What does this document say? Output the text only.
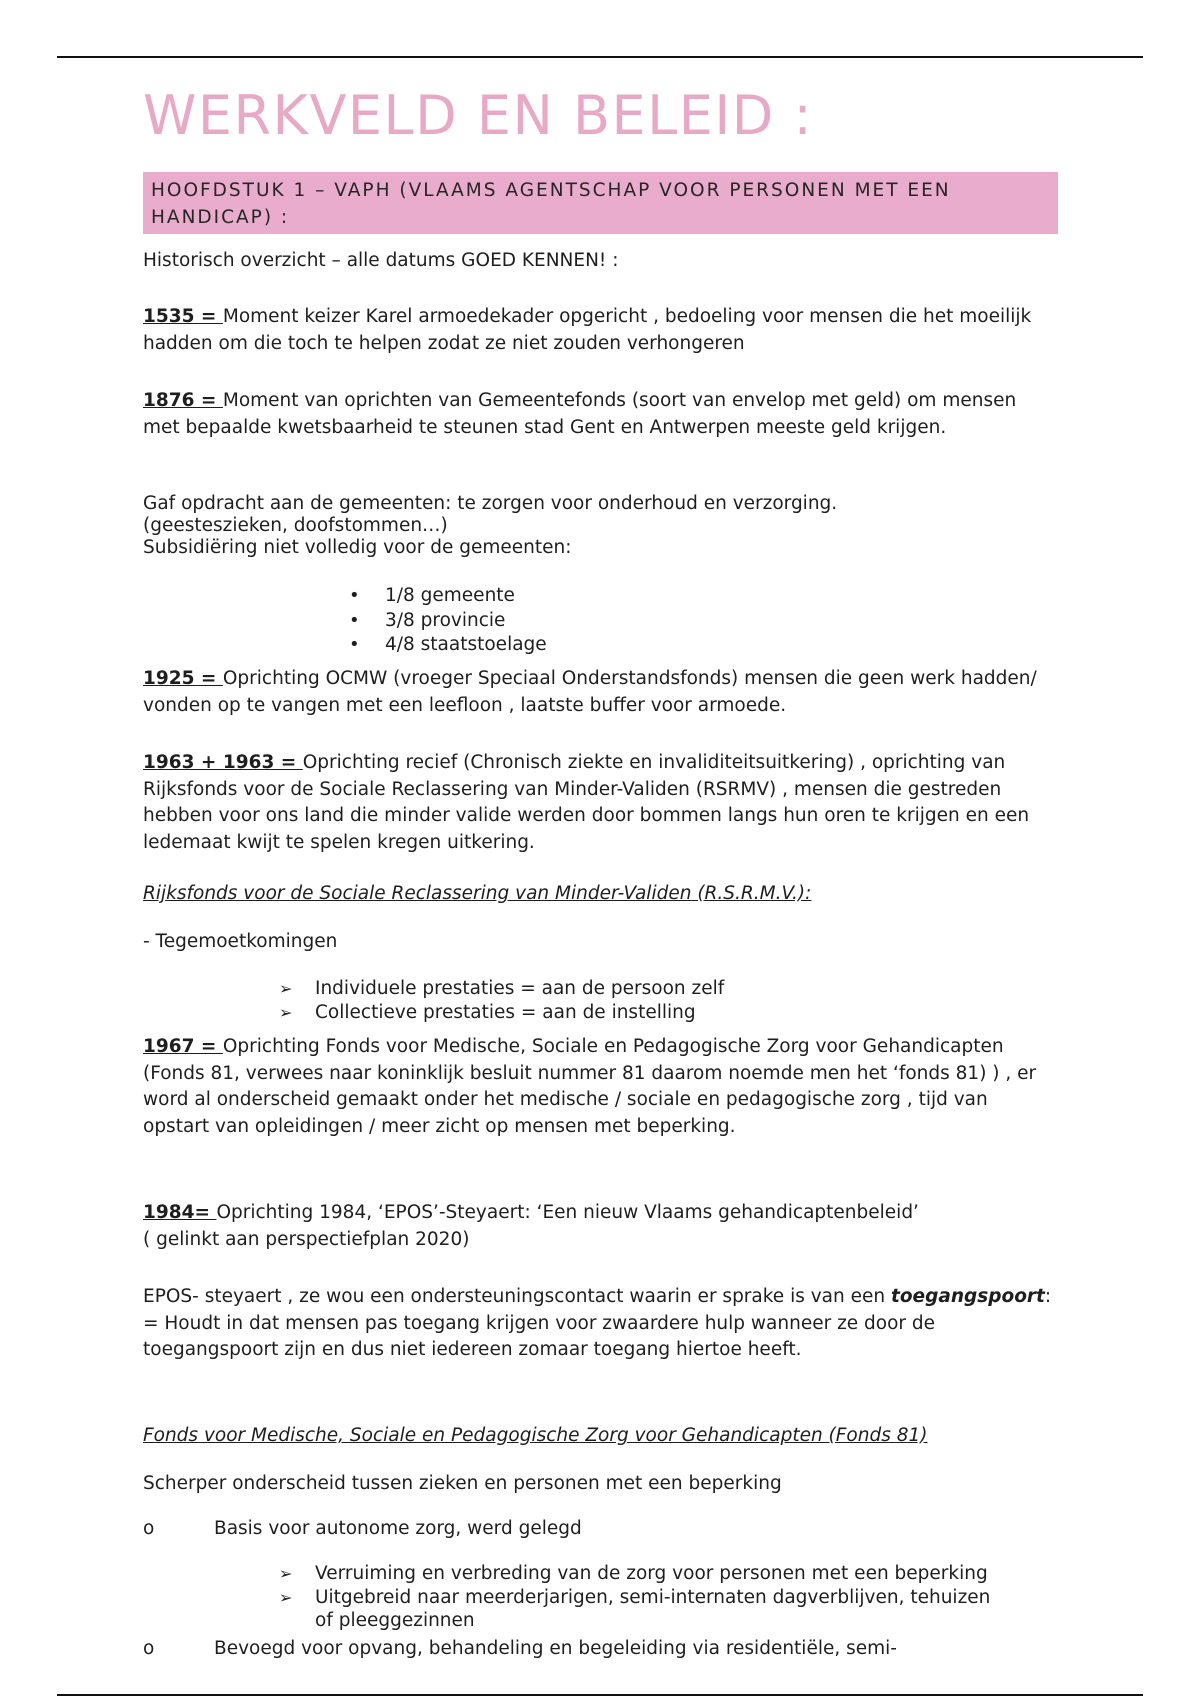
WERKVELD EN BELEID :
HOOFDSTUK 1 – VAPH (VLAAMS AGENTSCHAP VOOR PERSONEN MET EEN
HANDICAP) :

Historisch overzicht – alle datums GOED KENNEN! :

1535 = Moment keizer Karel armoedekader opgericht , bedoeling voor mensen die het moeilijk hadden om die toch te helpen zodat ze niet zouden verhongeren

1876 = Moment van oprichten van Gemeentefonds (soort van envelop met geld) om mensen met bepaalde kwetsbaarheid te steunen stad Gent en Antwerpen meeste geld krijgen.

Gaf opdracht aan de gemeenten: te zorgen voor onderhoud en verzorging.
(geesteszieken, doofstommen…)
Subsidiëring niet volledig voor de gemeenten:
• 1/8 gemeente
• 3/8 provincie
• 4/8 staatstoelage

1925 = Oprichting OCMW (vroeger Speciaal Onderstandsfonds) mensen die geen werk hadden/ vonden op te vangen met een leefloon , laatste buffer voor armoede.

1963 + 1963 = Oprichting recief (Chronisch ziekte en invaliditeitsuitkering) , oprichting van Rijksfonds voor de Sociale Reclassering van Minder-Validen (RSRMV) , mensen die gestreden hebben voor ons land die minder valide werden door bommen langs hun oren te krijgen en een ledemaat kwijt te spelen kregen uitkering.

Rijksfonds voor de Sociale Reclassering van Minder-Validen (R.S.R.M.V.):

- Tegemoetkomingen

➢ Individuele prestaties = aan de persoon zelf
➢ Collectieve prestaties = aan de instelling

1967 = Oprichting Fonds voor Medische, Sociale en Pedagogische Zorg voor Gehandicapten (Fonds 81, verwees naar koninklijk besluit nummer 81 daarom noemde men het ‘fonds 81) ) , er word al onderscheid gemaakt onder het medische / sociale en pedagogische zorg , tijd van opstart van opleidingen / meer zicht op mensen met beperking.

1984= Oprichting 1984, ‘EPOS’-Steyaert: ‘Een nieuw Vlaams gehandicaptenbeleid’
( gelinkt aan perspectiefplan 2020)

EPOS- steyaert , ze wou een ondersteuningscontact waarin er sprake is van een toegangspoort: = Houdt in dat mensen pas toegang krijgen voor zwaardere hulp wanneer ze door de toegangspoort zijn en dus niet iedereen zomaar toegang hiertoe heeft.

Fonds voor Medische, Sociale en Pedagogische Zorg voor Gehandicapten (Fonds 81)

Scherper onderscheid tussen zieken en personen met een beperking

o	Basis voor autonome zorg, werd gelegd

➢ Verruiming en verbreding van de zorg voor personen met een beperking
➢ Uitgebreid naar meerderjarigen, semi-internaten dagverblijven, tehuizen
of pleeggezinnen

o	Bevoegd voor opvang, behandeling en begeleiding via residentiële, semi-
